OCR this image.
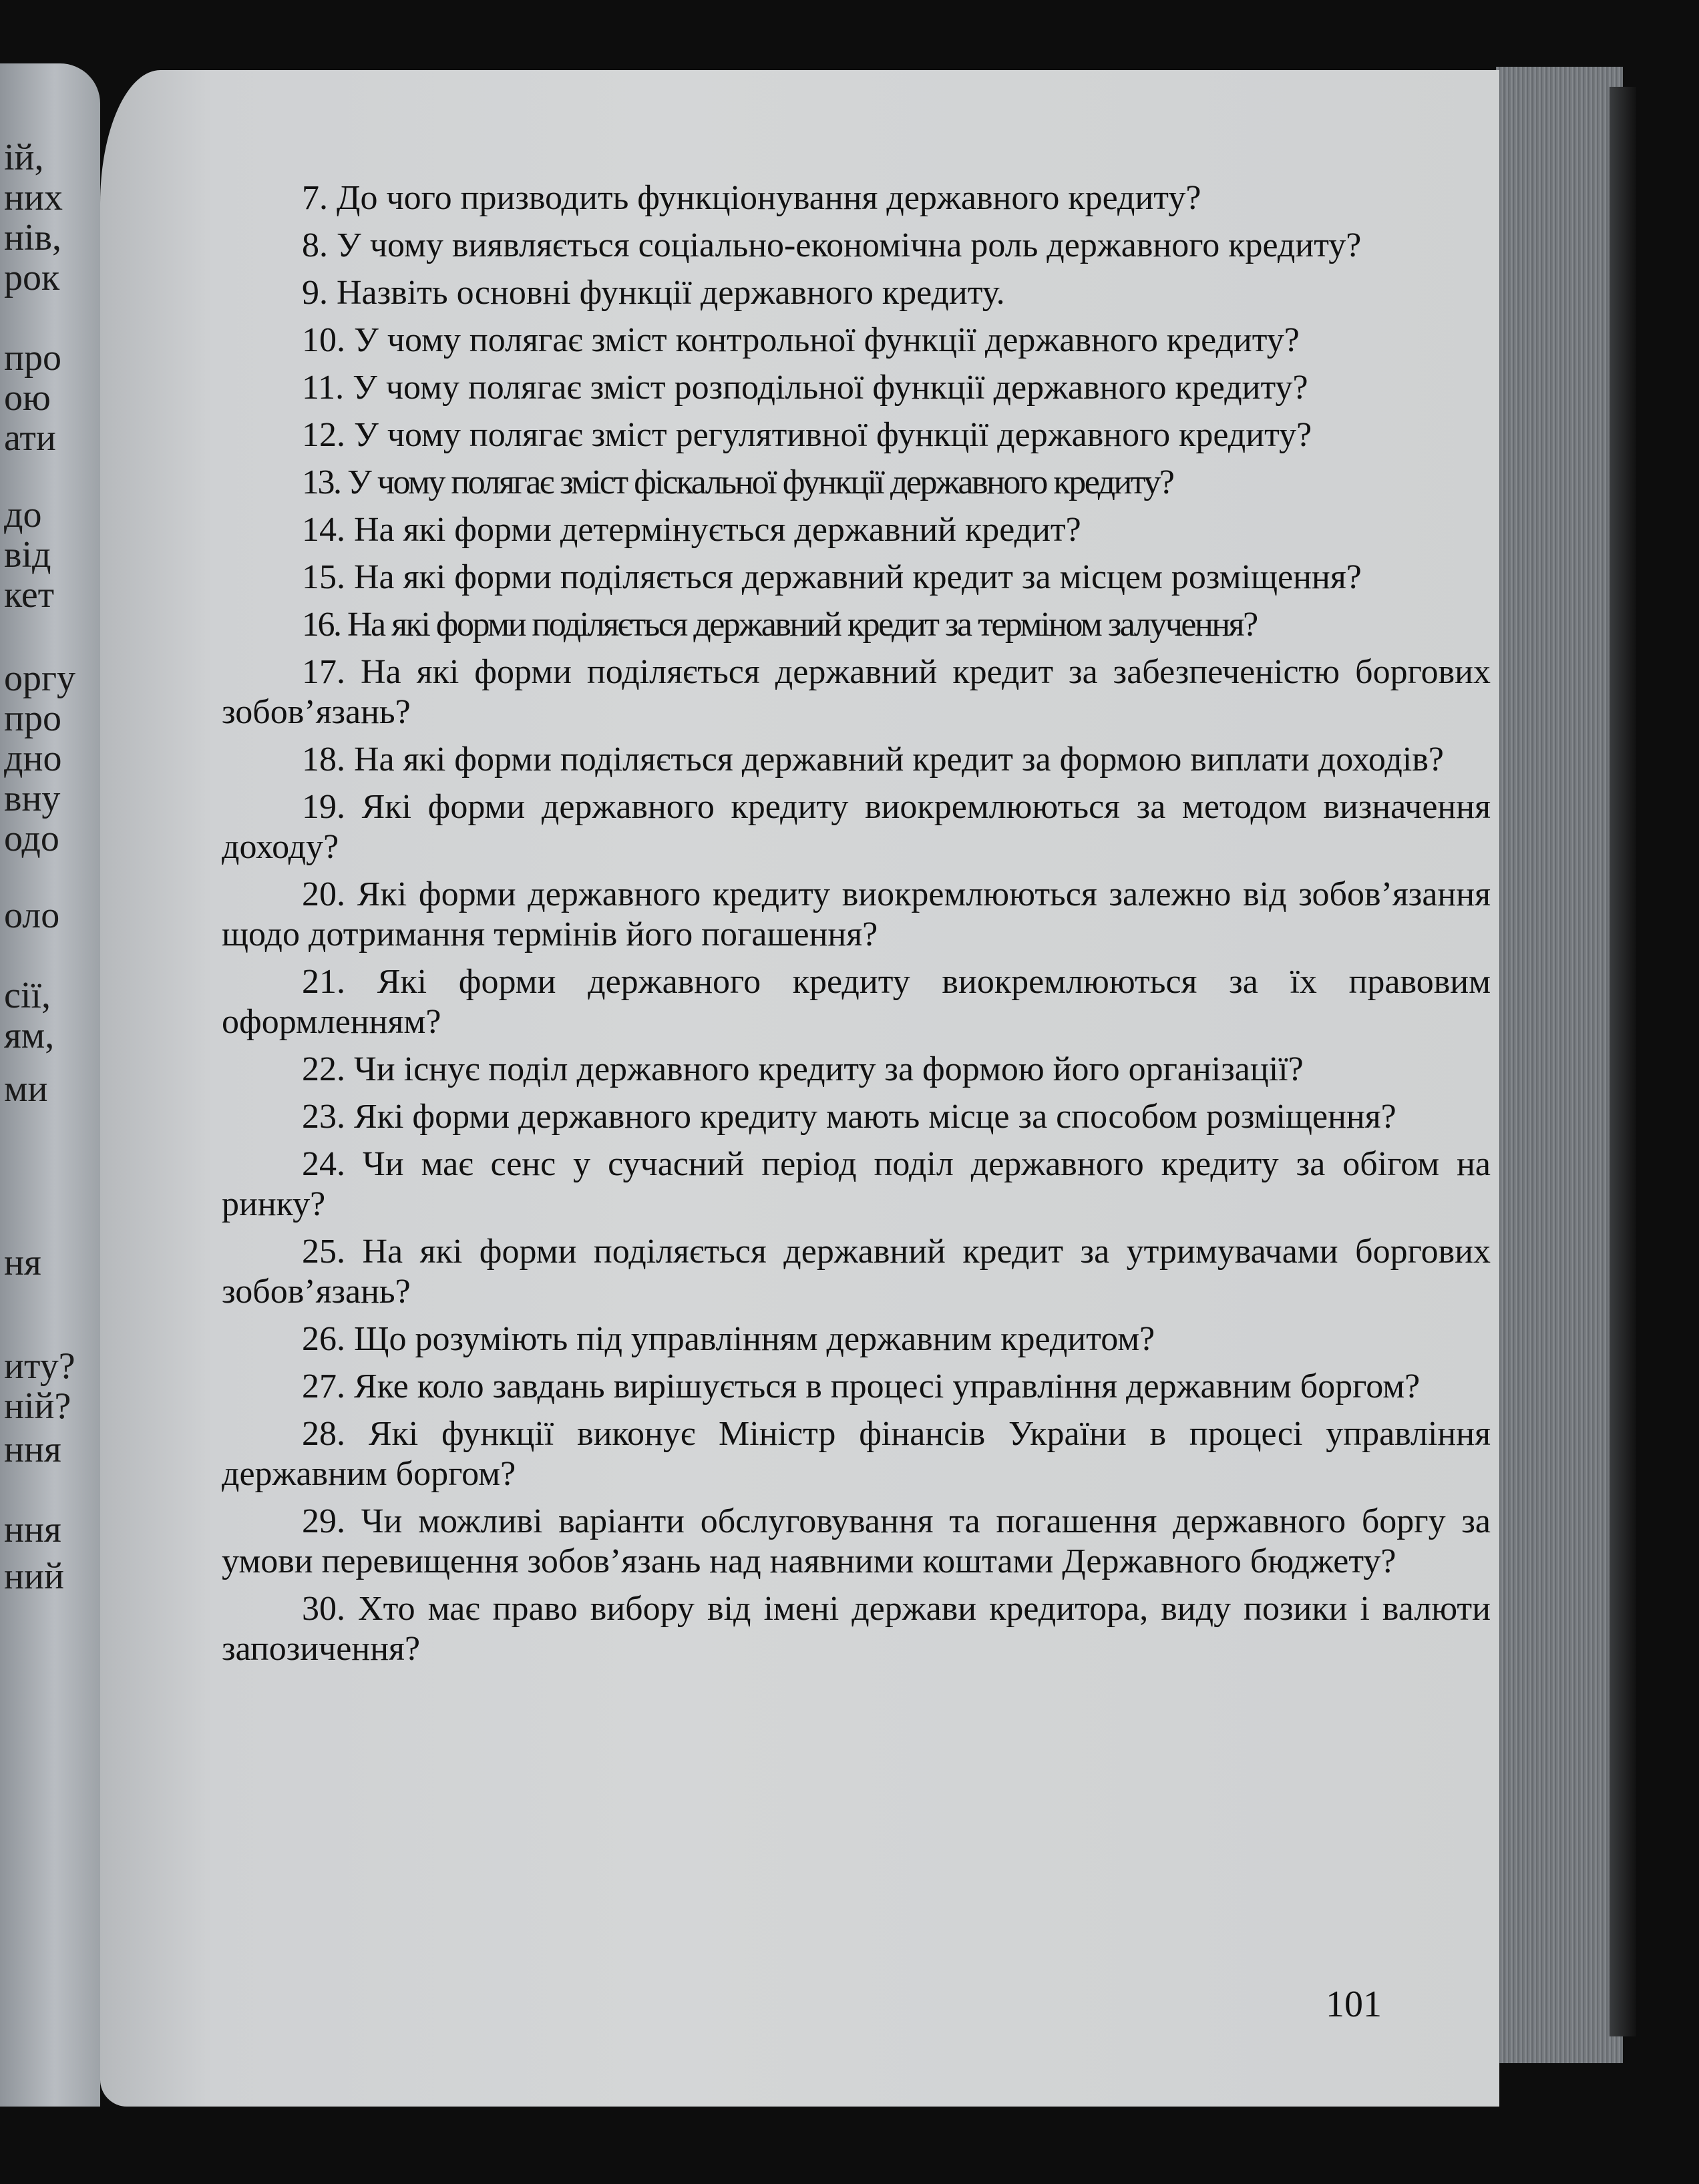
ій,

них

нів,

рок

про

ою

ати

до

від

кет

оргу

про

дно

вну

одо

оло

сії,

ям,

ми

ня

иту?

ній?

ння

ння

ний

7. До чого призводить функціонування державного кредиту?

8. У чому виявляється соціально-економічна роль державного кредиту?

9. Назвіть основні функції державного кредиту.

10. У чому полягає зміст контрольної функції державного кредиту?

11. У чому полягає зміст розподільної функції державного кредиту?

12. У чому полягає зміст регулятивної функції державного кредиту?

13. У чому полягає зміст фіскальної функції державного кредиту?

14. На які форми детермінується державний кредит?

15. На які форми поділяється державний кредит за місцем розміщення?

16. На які форми поділяється державний кредит за терміном залучення?

17. На які форми поділяється державний кредит за забезпеченістю боргових зобов’язань?

18. На які форми поділяється державний кредит за формою виплати доходів?

19. Які форми державного кредиту виокремлюються за методом визначення доходу?

20. Які форми державного кредиту виокремлюються залежно від зобов’язання щодо дотримання термінів його погашення?

21. Які форми державного кредиту виокремлюються за їх правовим оформленням?

22. Чи існує поділ державного кредиту за формою його організації?

23. Які форми державного кредиту мають місце за способом розміщення?

24. Чи має сенс у сучасний період поділ державного кредиту за обігом на ринку?

25. На які форми поділяється державний кредит за утримувачами боргових зобов’язань?

26. Що розуміють під управлінням державним кредитом?

27. Яке коло завдань вирішується в процесі управління державним боргом?

28. Які функції виконує Міністр фінансів України в процесі управління державним боргом?

29. Чи можливі варіанти обслуговування та погашення державного боргу за умови перевищення зобов’язань над наявними коштами Державного бюджету?

30. Хто має право вибору від імені держави кредитора, виду позики і валюти запозичення?

101
